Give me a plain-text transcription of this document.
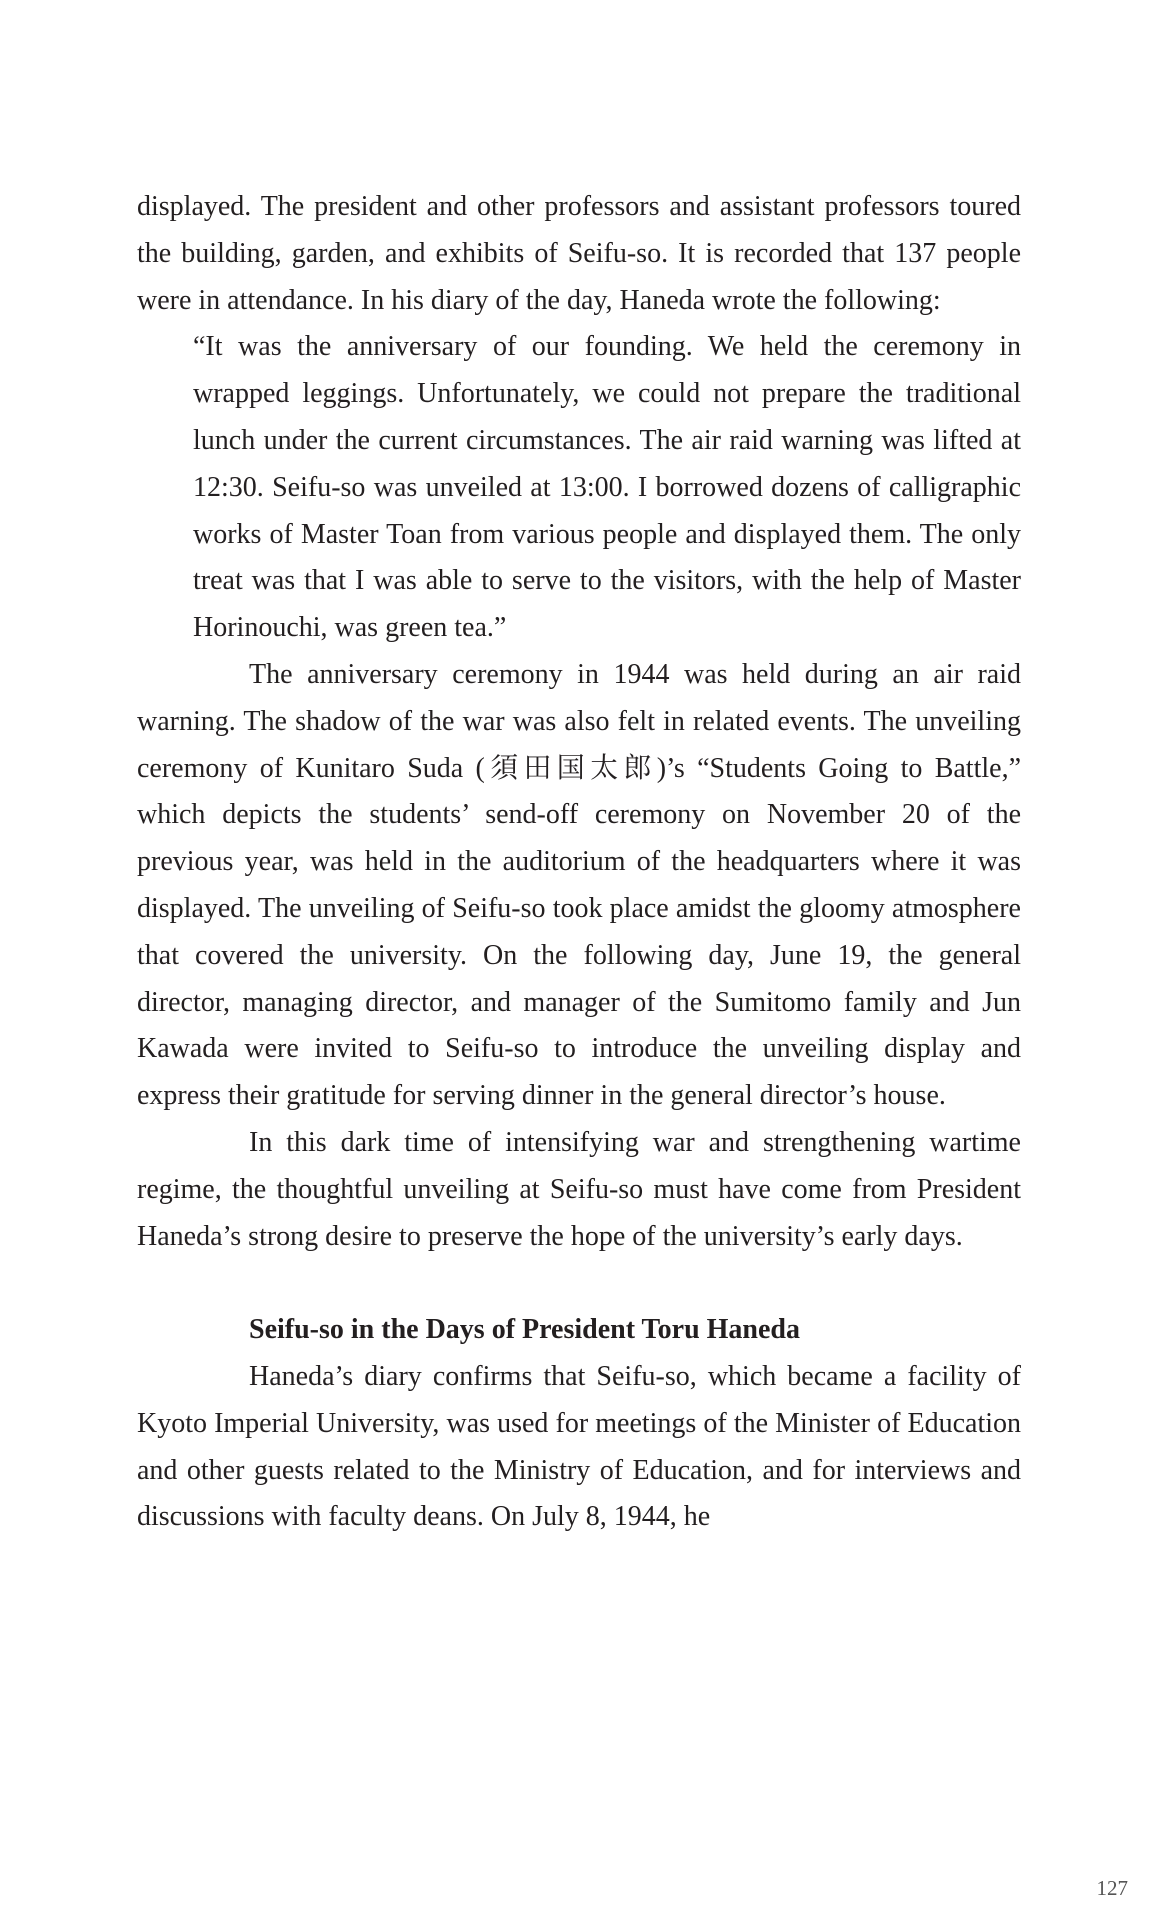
displayed. The president and other professors and assistant professors toured the building, garden, and exhibits of Seifu-so. It is recorded that 137 people were in attendance. In his diary of the day, Haneda wrote the following:

“It was the anniversary of our founding. We held the ceremony in wrapped leggings. Unfortunately, we could not prepare the traditional lunch under the current circumstances. The air raid warning was lifted at 12:30. Seifu-so was unveiled at 13:00. I borrowed dozens of calligraphic works of Master Toan from various people and displayed them. The only treat was that I was able to serve to the visitors, with the help of Master Horinouchi, was green tea.”

The anniversary ceremony in 1944 was held during an air raid warning. The shadow of the war was also felt in related events. The unveiling ceremony of Kunitaro Suda (須田国太郎)’s “Students Going to Battle,” which depicts the students’ send-off ceremony on November 20 of the previous year, was held in the auditorium of the headquarters where it was displayed. The unveiling of Seifu-so took place amidst the gloomy atmosphere that covered the university. On the following day, June 19, the general director, managing director, and manager of the Sumitomo family and Jun Kawada were invited to Seifu-so to introduce the unveiling display and express their gratitude for serving dinner in the general director’s house.

In this dark time of intensifying war and strengthening wartime regime, the thoughtful unveiling at Seifu-so must have come from President Haneda’s strong desire to preserve the hope of the university’s early days.

Seifu-so in the Days of President Toru Haneda

Haneda’s diary confirms that Seifu-so, which became a facility of Kyoto Imperial University, was used for meetings of the Minister of Education and other guests related to the Ministry of Education, and for interviews and discussions with faculty deans. On July 8, 1944, he

127
